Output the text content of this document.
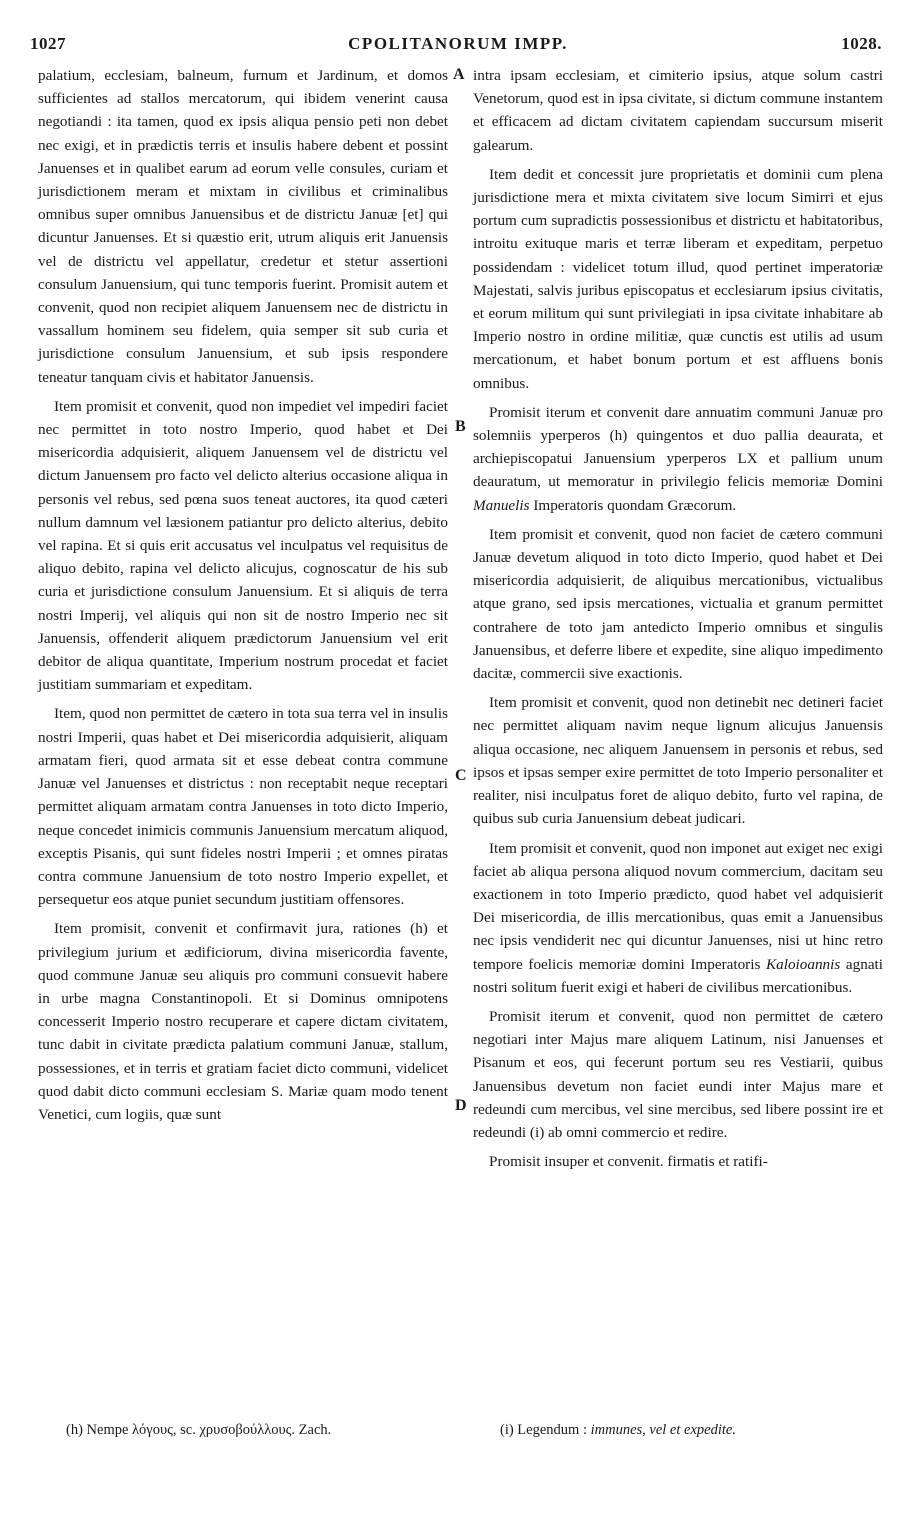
1027	CPOLITANORUM IMPP.	1028.
A
B
C
D

palatium, ecclesiam, balneum, furnum et Jardinum, et domos sufficientes ad stallos mercatorum, qui ibidem venerint causa negotiandi : ita tamen, quod ex ipsis aliqua pensio peti non debet nec exigi, et in prædictis terris et insulis habere debent et possint Januenses et in qualibet earum ad eorum velle consules, curiam et jurisdictionem meram et mixtam in civilibus et criminalibus omnibus super omnibus Januensibus et de districtu Januæ [et] qui dicuntur Januenses. Et si quæstio erit, utrum aliquis erit Januensis vel de districtu vel appellatur, credetur et stetur assertioni consulum Januensium, qui tunc temporis fuerint. Promisit autem et convenit, quod non recipiet aliquem Januensem nec de districtu in vassallum hominem seu fidelem, quia semper sit sub curia et jurisdictione consulum Januensium, et sub ipsis respondere teneatur tanquam civis et habitator Januensis.

Item promisit et convenit, quod non impediet vel impediri faciet nec permittet in toto nostro Imperio, quod habet et Dei misericordia adquisierit, aliquem Januensem vel de districtu vel dictum Januensem pro facto vel delicto alterius occasione aliqua in personis vel rebus, sed pœna suos teneat auctores, ita quod cæteri nullum damnum vel læsionem patiantur pro delicto alterius, debito vel rapina. Et si quis erit accusatus vel inculpatus vel requisitus de aliquo debito, rapina vel delicto alicujus, cognoscatur de his sub curia et jurisdictione consulum Januensium. Et si aliquis de terra nostri Imperij, vel aliquis qui non sit de nostro Imperio nec sit Januensis, offenderit aliquem prædictorum Januensium vel erit debitor de aliqua quantitate, Imperium nostrum procedat et faciet justitiam summariam et expeditam.

Item, quod non permittet de cætero in tota sua terra vel in insulis nostri Imperii, quas habet et Dei misericordia adquisierit, aliquam armatam fieri, quod armata sit et esse debeat contra commune Januæ vel Januenses et districtus : non receptabit neque receptari permittet aliquam armatam contra Januenses in toto dicto Imperio, neque concedet inimicis communis Januensium mercatum aliquod, exceptis Pisanis, qui sunt fideles nostri Imperii ; et omnes piratas contra commune Januensium de toto nostro Imperio expellet, et persequetur eos atque puniet secundum justitiam offensores.

Item promisit, convenit et confirmavit jura, rationes (h) et privilegium jurium et ædificiorum, divina misericordia favente, quod commune Januæ seu aliquis pro communi consuevit habere in urbe magna Constantinopoli. Et si Dominus omnipotens concesserit Imperio nostro recuperare et capere dictam civitatem, tunc dabit in civitate prædicta palatium communi Januæ, stallum, possessiones, et in terris et gratiam faciet dicto communi, videlicet quod dabit dicto communi ecclesiam S. Mariæ quam modo tenent Venetici, cum logiis, quæ sunt

intra ipsam ecclesiam, et cimiterio ipsius, atque solum castri Venetorum, quod est in ipsa civitate, si dictum commune instantem et efficacem ad dictam civitatem capiendam succursum miserit galearum.

Item dedit et concessit jure proprietatis et dominii cum plena jurisdictione mera et mixta civitatem sive locum Simirri et ejus portum cum supradictis possessionibus et districtu et habitatoribus, introitu exituque maris et terræ liberam et expeditam, perpetuo possidendam : videlicet totum illud, quod pertinet imperatoriæ Majestati, salvis juribus episcopatus et ecclesiarum ipsius civitatis, et eorum militum qui sunt privilegiati in ipsa civitate inhabitare ab Imperio nostro in ordine militiæ, quæ cunctis est utilis ad usum mercationum, et habet bonum portum et est affluens bonis omnibus.

Promisit iterum et convenit dare annuatim communi Januæ pro solemniis yperperos (h) quingentos et duo pallia deaurata, et archiepiscopatui Januensium yperperos LX et pallium unum deauratum, ut memoratur in privilegio felicis memoriæ Domini Manuelis Imperatoris quondam Græcorum.

Item promisit et convenit, quod non faciet de cætero communi Januæ devetum aliquod in toto dicto Imperio, quod habet et Dei misericordia adquisierit, de aliquibus mercationibus, victualibus atque grano, sed ipsis mercationes, victualia et granum permittet contrahere de toto jam antedicto Imperio omnibus et singulis Januensibus, et deferre libere et expedite, sine aliquo impedimento dacitæ, commercii sive exactionis.

Item promisit et convenit, quod non detinebit nec detineri faciet nec permittet aliquam navim neque lignum alicujus Januensis aliqua occasione, nec aliquem Januensem in personis et rebus, sed ipsos et ipsas semper exire permittet de toto Imperio personaliter et realiter, nisi inculpatus foret de aliquo debito, furto vel rapina, de quibus sub curia Januensium debeat judicari.

Item promisit et convenit, quod non imponet aut exiget nec exigi faciet ab aliqua persona aliquod novum commercium, dacitam seu exactionem in toto Imperio prædicto, quod habet vel adquisierit Dei misericordia, de illis mercationibus, quas emit a Januensibus nec ipsis vendiderit nec qui dicuntur Januenses, nisi ut hinc retro tempore foelicis memoriæ domini Imperatoris Kaloioannis agnati nostri solitum fuerit exigi et haberi de civilibus mercationibus.

Promisit iterum et convenit, quod non permittet de cætero negotiari inter Majus mare aliquem Latinum, nisi Januenses et Pisanum et eos, qui fecerunt portum seu res Vestiarii, quibus Januensibus devetum non faciet eundi inter Majus mare et redeundi cum mercibus, vel sine mercibus, sed libere possint ire et redeundi (i) ab omni commercio et redire.

Promisit insuper et convenit. firmatis et ratifi-

(h) Nempe λόγους, sc. χρυσοβούλλους. Zach.	(i) Legendum : immunes, vel et expedite.
